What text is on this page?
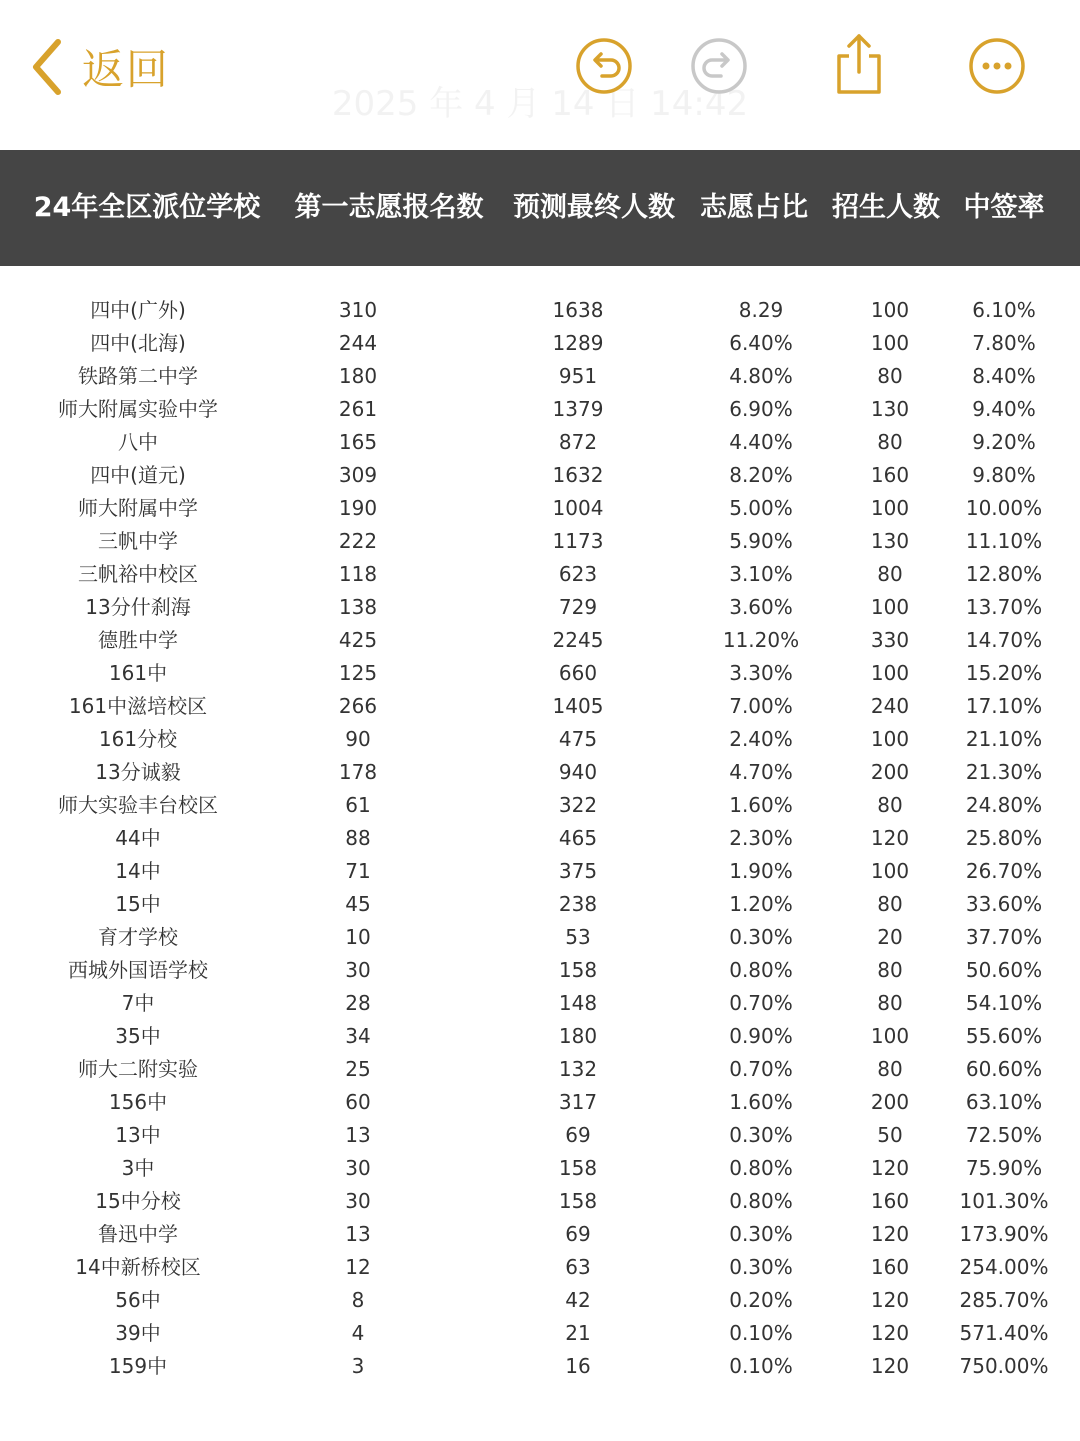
返回
2025 年 4 月 14 日 14:42
24年全区派位学校	第一志愿报名数	预测最终人数 志愿占比 招生人数 中签率
四中(广外)	310	1638	8.29	100	6.10%
四中(北海)	244	1289	6.40%	100	7.80%
铁路第二中学	180	951	4.80%	80	8.40%
师大附属实验中学	261	1379	6.90%	130	9.40%
八中	165	872	4.40%	80	9.20%
四中(道元)	309	1632	8.20%	160	9.80%
师大附属中学	190	1004	5.00%	100	10.00%
三帆中学	222	1173	5.90%	130	11.10%
三帆裕中校区	118	623	3.10%	80	12.80%
13分什刹海	138	729	3.60%	100	13.70%
德胜中学	425	2245	11.20%	330	14.70%
161中	125	660	3.30%	100	15.20%
161中滋培校区	266	1405	7.00%	240	17.10%
161分校	90	475	2.40%	100	21.10%
13分诚毅	178	940	4.70%	200	21.30%
师大实验丰台校区	61	322	1.60%	80	24.80%
44中	88	465	2.30%	120	25.80%
14中	71	375	1.90%	100	26.70%
15中	45	238	1.20%	80	33.60%
育才学校	10	53	0.30%	20	37.70%
西城外国语学校	30	158	0.80%	80	50.60%
7中	28	148	0.70%	80	54.10%
35中	34	180	0.90%	100	55.60%
师大二附实验	25	132	0.70%	80	60.60%
156中	60	317	1.60%	200	63.10%
13中	13	69	0.30%	50	72.50%
3中	30	158	0.80%	120	75.90%
15中分校	30	158	0.80%	160	101.30%
鲁迅中学	13	69	0.30%	120	173.90%
14中新桥校区	12	63	0.30%	160	254.00%
56中	8	42	0.20%	120	285.70%
39中	4	21	0.10%	120	571.40%
159中	3	16	0.10%	120	750.00%
